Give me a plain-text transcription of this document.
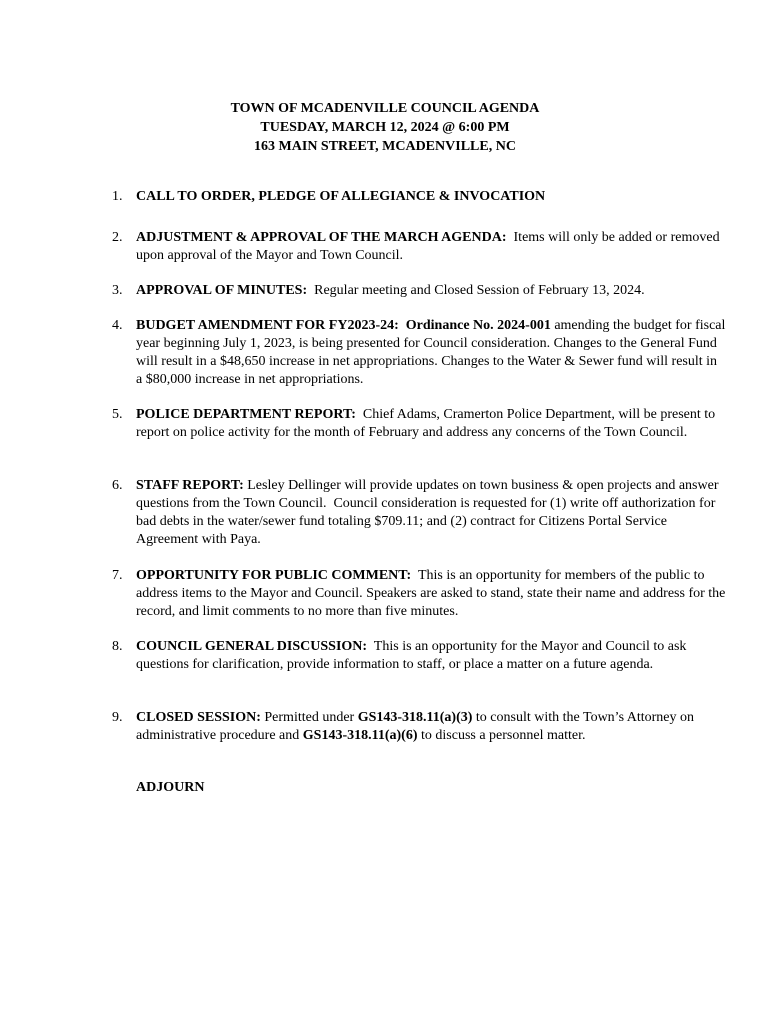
TOWN OF MCADENVILLE COUNCIL AGENDA
TUESDAY, MARCH 12, 2024 @ 6:00 PM
163 MAIN STREET, MCADENVILLE, NC
1. CALL TO ORDER, PLEDGE OF ALLEGIANCE & INVOCATION
2. ADJUSTMENT & APPROVAL OF THE MARCH AGENDA:  Items will only be added or removed upon approval of the Mayor and Town Council.
3. APPROVAL OF MINUTES:  Regular meeting and Closed Session of February 13, 2024.
4. BUDGET AMENDMENT FOR FY2023-24:  Ordinance No. 2024-001 amending the budget for fiscal year beginning July 1, 2023, is being presented for Council consideration. Changes to the General Fund will result in a $48,650 increase in net appropriations. Changes to the Water & Sewer fund will result in a $80,000 increase in net appropriations.
5. POLICE DEPARTMENT REPORT:  Chief Adams, Cramerton Police Department, will be present to report on police activity for the month of February and address any concerns of the Town Council.
6. STAFF REPORT: Lesley Dellinger will provide updates on town business & open projects and answer questions from the Town Council.  Council consideration is requested for (1) write off authorization for bad debts in the water/sewer fund totaling $709.11; and (2) contract for Citizens Portal Service Agreement with Paya.
7. OPPORTUNITY FOR PUBLIC COMMENT:  This is an opportunity for members of the public to address items to the Mayor and Council. Speakers are asked to stand, state their name and address for the record, and limit comments to no more than five minutes.
8. COUNCIL GENERAL DISCUSSION:  This is an opportunity for the Mayor and Council to ask questions for clarification, provide information to staff, or place a matter on a future agenda.
9. CLOSED SESSION: Permitted under GS143-318.11(a)(3) to consult with the Town’s Attorney on administrative procedure and GS143-318.11(a)(6) to discuss a personnel matter.
ADJOURN
